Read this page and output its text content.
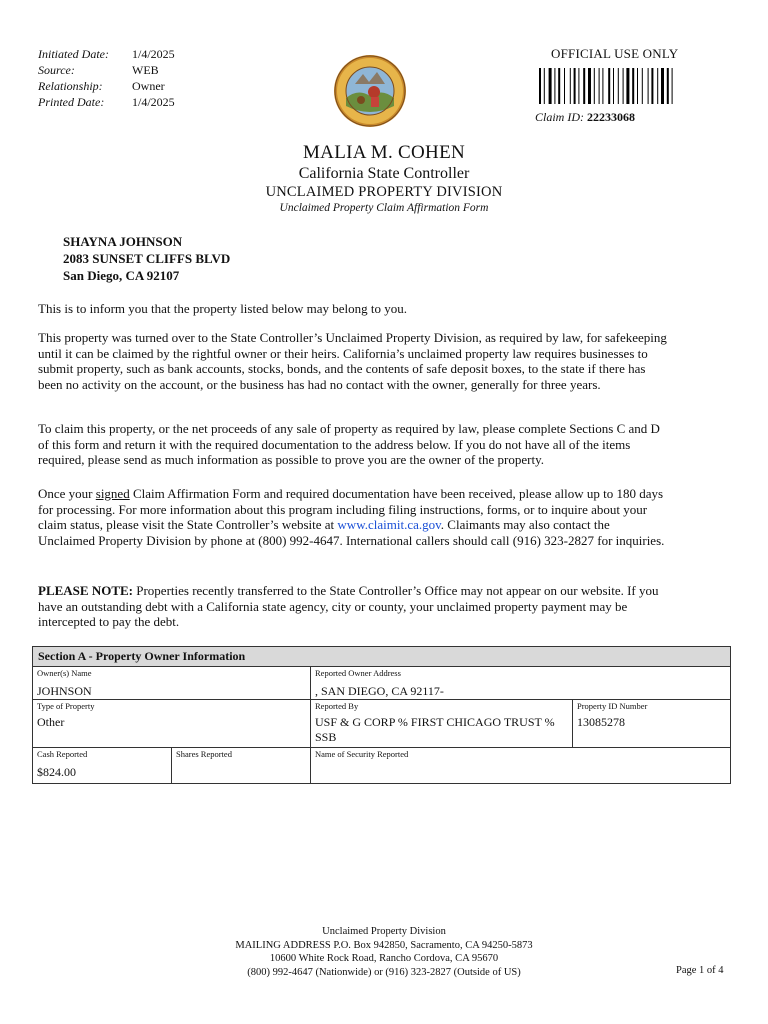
Initiated Date:	1/4/2025
Source:	WEB
Relationship:	Owner
Printed Date:	1/4/2025
OFFICIAL USE ONLY
Claim ID: 22233068
MALIA M. COHEN
California State Controller
UNCLAIMED PROPERTY DIVISION
Unclaimed Property Claim Affirmation Form
SHAYNA JOHNSON
2083 SUNSET CLIFFS BLVD
San Diego, CA 92107

This is to inform you that the property listed below may belong to you.

This property was turned over to the State Controller’s Unclaimed Property Division, as required by law, for safekeeping until it can be claimed by the rightful owner or their heirs. California’s unclaimed property law requires businesses to submit property, such as bank accounts, stocks, bonds, and the contents of safe deposit boxes, to the state if there has been no activity on the account, or the business has had no contact with the owner, generally for three years.

To claim this property, or the net proceeds of any sale of property as required by law, please complete Sections C and D of this form and return it with the required documentation to the address below. If you do not have all of the items required, please send as much information as possible to prove you are the owner of the property.

Once your signed Claim Affirmation Form and required documentation have been received, please allow up to 180 days for processing. For more information about this program including filing instructions, forms, or to inquire about your claim status, please visit the State Controller’s website at www.claimit.ca.gov. Claimants may also contact the Unclaimed Property Division by phone at (800) 992-4647. International callers should call (916) 323-2827 for inquiries.

PLEASE NOTE: Properties recently transferred to the State Controller’s Office may not appear on our website. If you have an outstanding debt with a California state agency, city or county, your unclaimed property payment may be intercepted to pay the debt.

Section A - Property Owner Information
Owner(s) Name
JOHNSON
Reported Owner Address
, SAN DIEGO, CA 92117-
Type of Property
Other
Reported By
USF & G CORP % FIRST CHICAGO TRUST % SSB
Property ID Number
13085278
Cash Reported
$824.00
Shares Reported	Name of Security Reported
Unclaimed Property Division
MAILING ADDRESS P.O. Box 942850, Sacramento, CA 94250-5873
10600 White Rock Road, Rancho Cordova, CA 95670
(800) 992-4647 (Nationwide) or (916) 323-2827 (Outside of US)	Page 1 of 4
